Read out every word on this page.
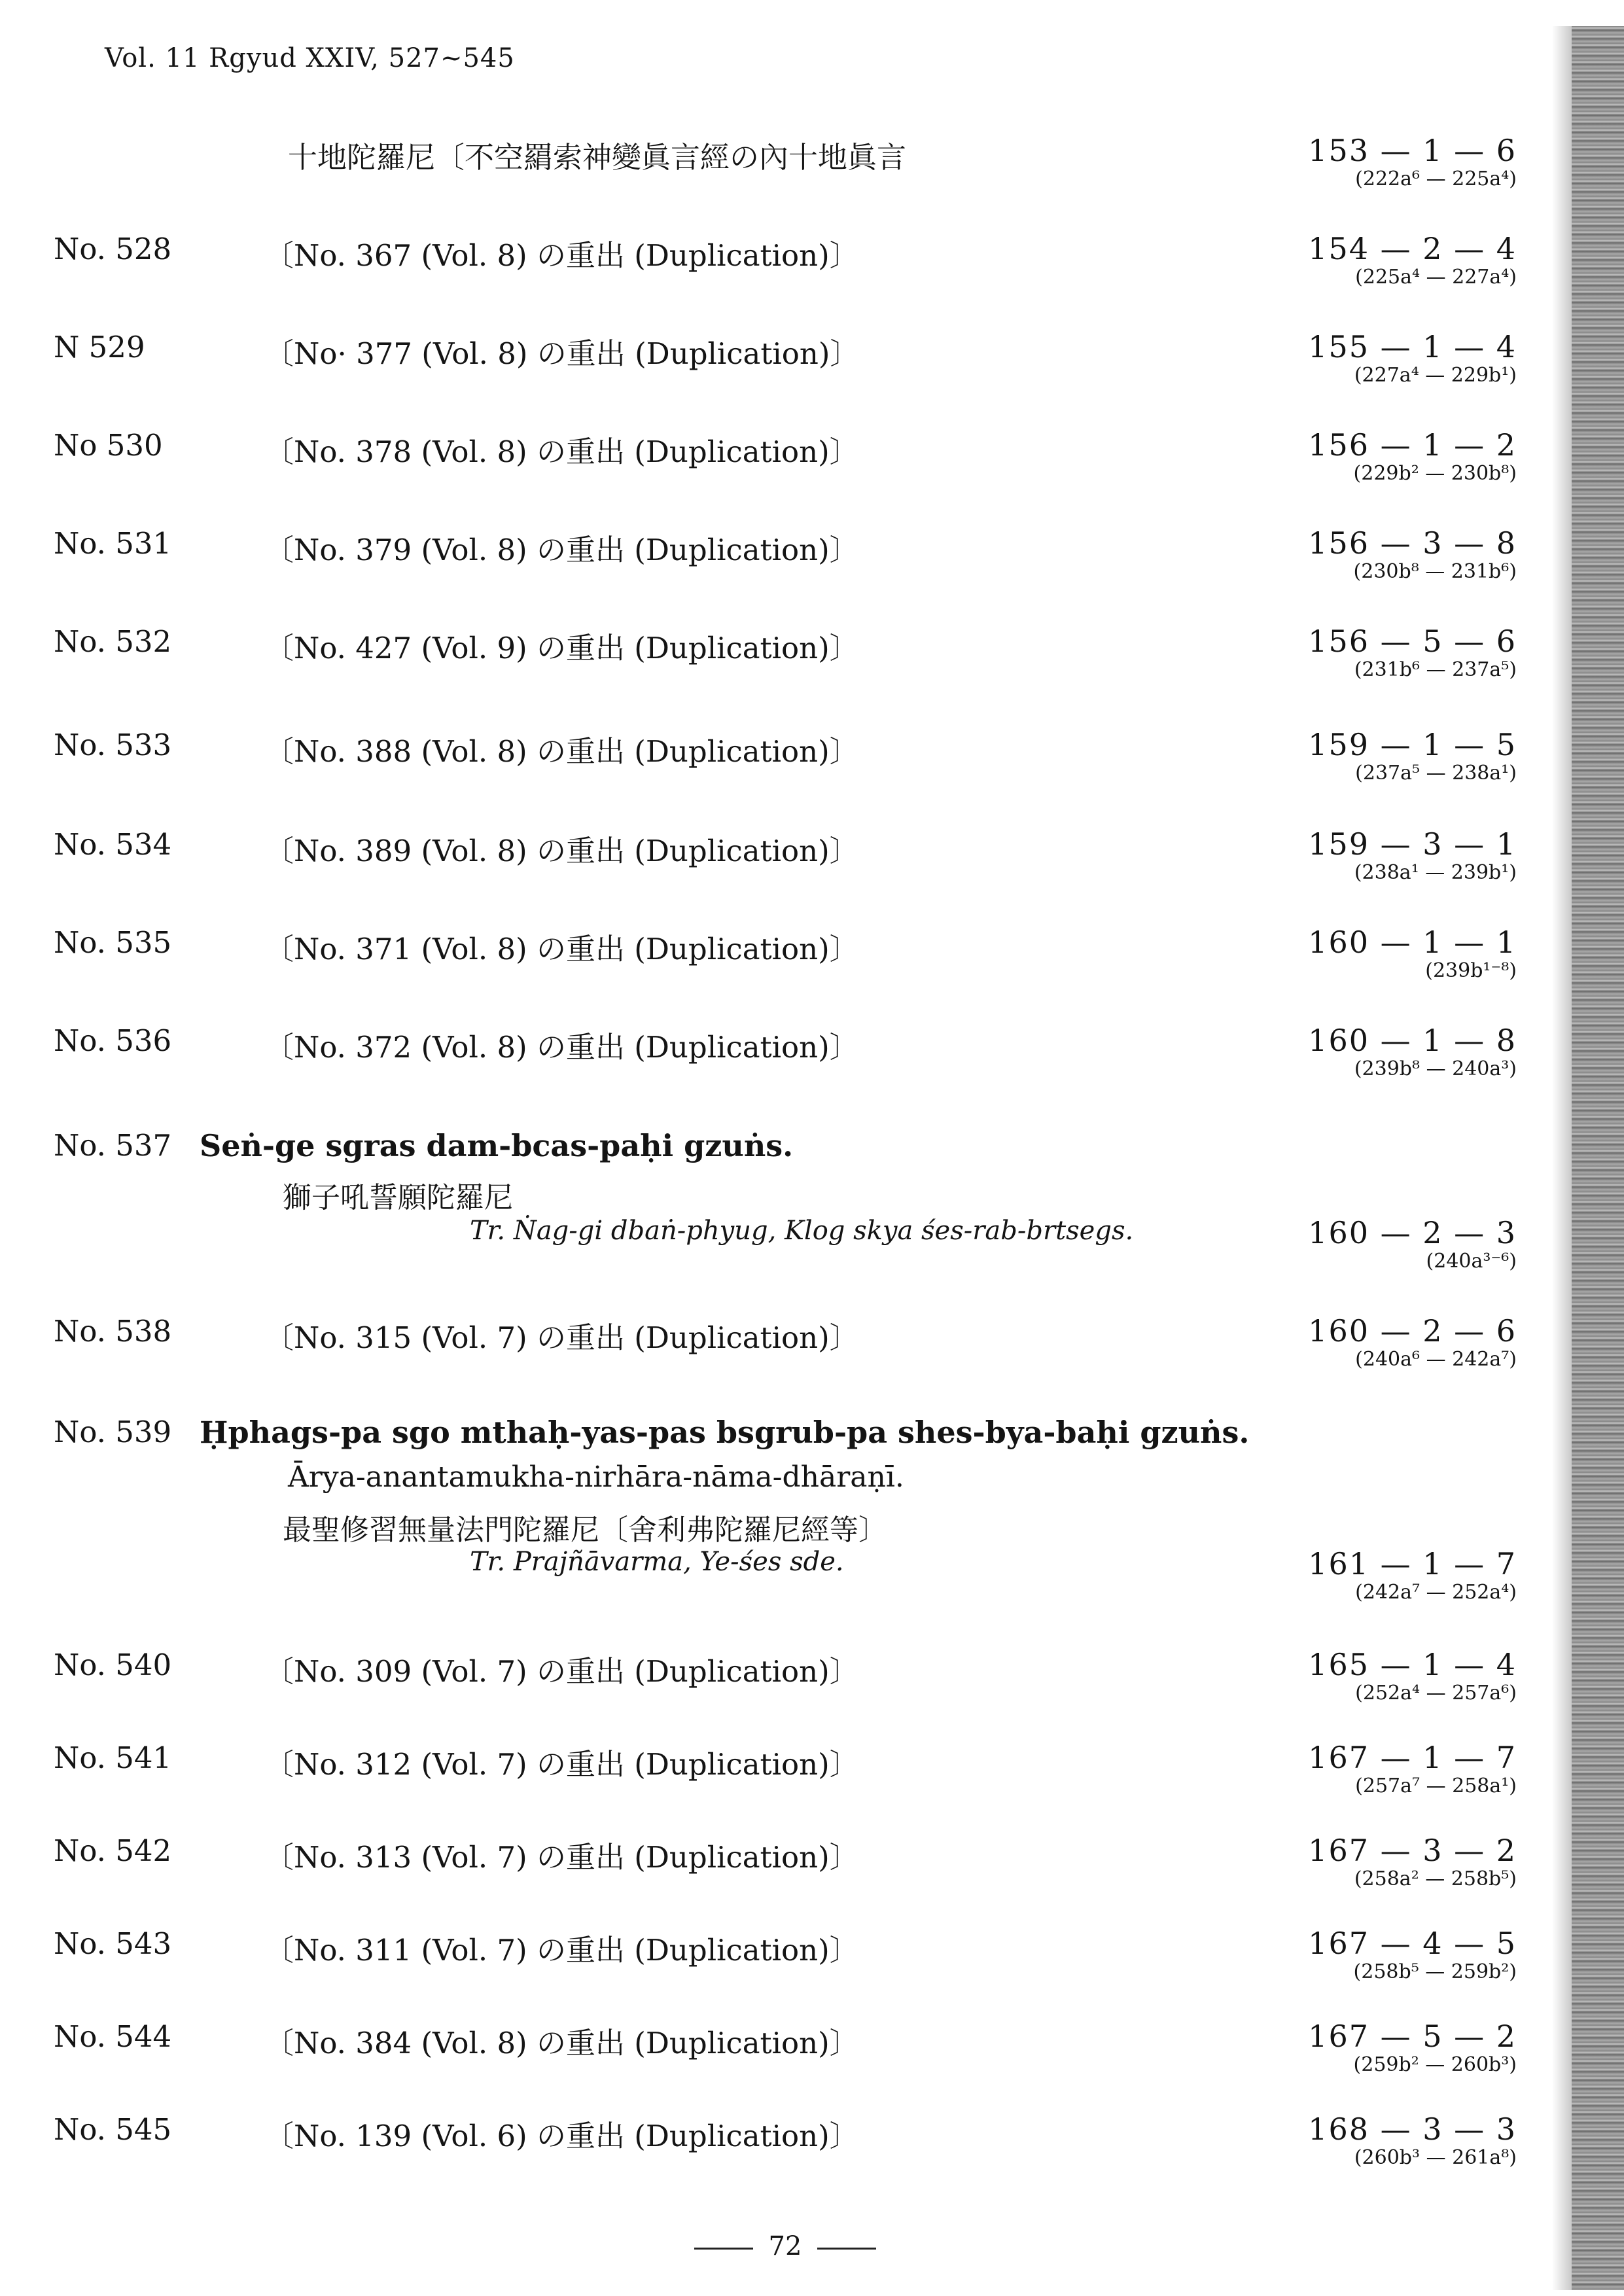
Vol. 11 Rgyud XXIV, 527~545
十地陀羅尼〔不空羂索神變眞言經の內十地眞言	153 — 1 — 6
(222a⁶ — 225a⁴)
No. 528	〔No. 367 (Vol. 8) の重出 (Duplication)〕	154 — 2 — 4
(225a⁴ — 227a⁴)
N 529	〔No· 377 (Vol. 8) の重出 (Duplication)〕	155 — 1 — 4
(227a⁴ — 229b¹)
No 530	〔No. 378 (Vol. 8) の重出 (Duplication)〕	156 — 1 — 2
(229b² — 230b⁸)
No. 531	〔No. 379 (Vol. 8) の重出 (Duplication)〕	156 — 3 — 8
(230b⁸ — 231b⁶)
No. 532	〔No. 427 (Vol. 9) の重出 (Duplication)〕	156 — 5 — 6
(231b⁶ — 237a⁵)
No. 533	〔No. 388 (Vol. 8) の重出 (Duplication)〕	159 — 1 — 5
(237a⁵ — 238a¹)
No. 534	〔No. 389 (Vol. 8) の重出 (Duplication)〕	159 — 3 — 1
(238a¹ — 239b¹)
No. 535	〔No. 371 (Vol. 8) の重出 (Duplication)〕	160 — 1 — 1
(239b¹⁻⁸)
No. 536	〔No. 372 (Vol. 8) の重出 (Duplication)〕	160 — 1 — 8
(239b⁸ — 240a³)
No. 537 Seṅ-ge sgras dam-bcas-paḥi gzuṅs.
獅子吼誓願陀羅尼
Tr. Ṅag-gi dbaṅ-phyug, Klog skya śes-rab-brtsegs.	160 — 2 — 3
(240a³⁻⁶)
No. 538	〔No. 315 (Vol. 7) の重出 (Duplication)〕	160 — 2 — 6
(240a⁶ — 242a⁷)
No. 539 Ḥphags-pa sgo mthaḥ-yas-pas bsgrub-pa shes-bya-baḥi gzuṅs.
Ārya-anantamukha-nirhāra-nāma-dhāraṇī.
最聖修習無量法門陀羅尼〔舍利弗陀羅尼經等〕
Tr. Prajñāvarma, Ye-śes sde.	161 — 1 — 7
(242a⁷ — 252a⁴)
No. 540	〔No. 309 (Vol. 7) の重出 (Duplication)〕	165 — 1 — 4
(252a⁴ — 257a⁶)
No. 541	〔No. 312 (Vol. 7) の重出 (Duplication)〕	167 — 1 — 7
(257a⁷ — 258a¹)
No. 542	〔No. 313 (Vol. 7) の重出 (Duplication)〕	167 — 3 — 2
(258a² — 258b⁵)
No. 543	〔No. 311 (Vol. 7) の重出 (Duplication)〕	167 — 4 — 5
(258b⁵ — 259b²)
No. 544	〔No. 384 (Vol. 8) の重出 (Duplication)〕	167 — 5 — 2
(259b² — 260b³)
No. 545	〔No. 139 (Vol. 6) の重出 (Duplication)〕	168 — 3 — 3
(260b³ — 261a⁸)
72
